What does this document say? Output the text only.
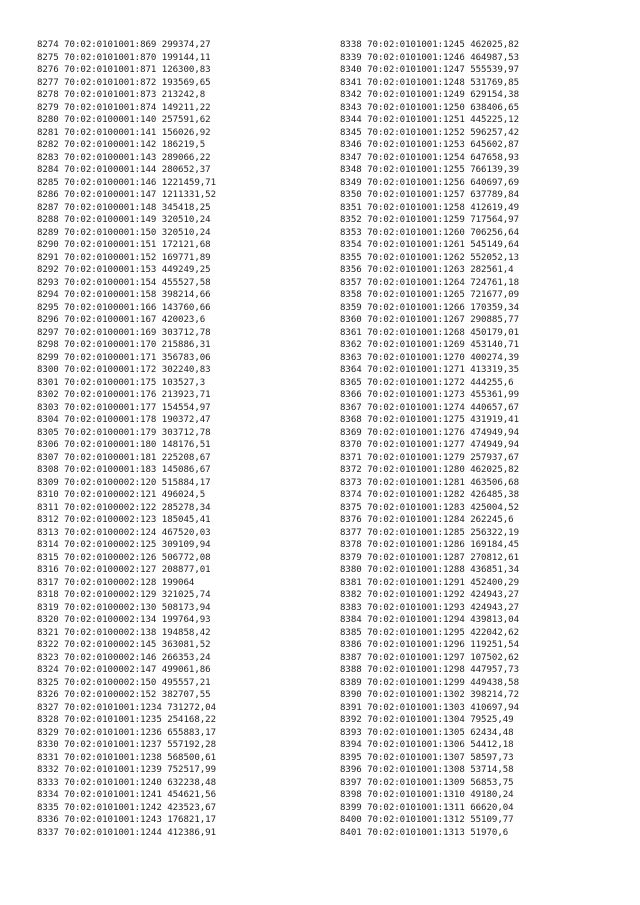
8274 70:02:0101001:869 299374,27
8275 70:02:0101001:870 199144,11
8276 70:02:0101001:871 126300,83
8277 70:02:0101001:872 193569,65
8278 70:02:0101001:873 213242,8
8279 70:02:0101001:874 149211,22
8280 70:02:0100001:140 257591,62
8281 70:02:0100001:141 156026,92
8282 70:02:0100001:142 186219,5
8283 70:02:0100001:143 289066,22
8284 70:02:0100001:144 280652,37
8285 70:02:0100001:146 1221459,71
8286 70:02:0100001:147 1211331,52
8287 70:02:0100001:148 345418,25
8288 70:02:0100001:149 320510,24
8289 70:02:0100001:150 320510,24
8290 70:02:0100001:151 172121,68
8291 70:02:0100001:152 169771,89
8292 70:02:0100001:153 449249,25
8293 70:02:0100001:154 455527,58
8294 70:02:0100001:158 398214,66
8295 70:02:0100001:166 143760,66
8296 70:02:0100001:167 420023,6
8297 70:02:0100001:169 303712,78
8298 70:02:0100001:170 215886,31
8299 70:02:0100001:171 356783,06
8300 70:02:0100001:172 302240,83
8301 70:02:0100001:175 103527,3
8302 70:02:0100001:176 213923,71
8303 70:02:0100001:177 154554,97
8304 70:02:0100001:178 190372,47
8305 70:02:0100001:179 303712,78
8306 70:02:0100001:180 148176,51
8307 70:02:0100001:181 225208,67
8308 70:02:0100001:183 145086,67
8309 70:02:0100002:120 515884,17
8310 70:02:0100002:121 496024,5
8311 70:02:0100002:122 285278,34
8312 70:02:0100002:123 185045,41
8313 70:02:0100002:124 467520,03
8314 70:02:0100002:125 309109,94
8315 70:02:0100002:126 506772,08
8316 70:02:0100002:127 208877,01
8317 70:02:0100002:128 199064
8318 70:02:0100002:129 321025,74
8319 70:02:0100002:130 508173,94
8320 70:02:0100002:134 199764,93
8321 70:02:0100002:138 194858,42
8322 70:02:0100002:145 363081,52
8323 70:02:0100002:146 266353,24
8324 70:02:0100002:147 499061,86
8325 70:02:0100002:150 495557,21
8326 70:02:0100002:152 382707,55
8327 70:02:0101001:1234 731272,04
8328 70:02:0101001:1235 254168,22
8329 70:02:0101001:1236 655883,17
8330 70:02:0101001:1237 557192,28
8331 70:02:0101001:1238 568500,61
8332 70:02:0101001:1239 752517,99
8333 70:02:0101001:1240 632238,48
8334 70:02:0101001:1241 454621,56
8335 70:02:0101001:1242 423523,67
8336 70:02:0101001:1243 176821,17
8337 70:02:0101001:1244 412386,91
8338 70:02:0101001:1245 462025,82
8339 70:02:0101001:1246 464987,53
8340 70:02:0101001:1247 555539,97
8341 70:02:0101001:1248 531769,85
8342 70:02:0101001:1249 629154,38
8343 70:02:0101001:1250 638406,65
8344 70:02:0101001:1251 445225,12
8345 70:02:0101001:1252 596257,42
8346 70:02:0101001:1253 645602,87
8347 70:02:0101001:1254 647658,93
8348 70:02:0101001:1255 766139,39
8349 70:02:0101001:1256 640697,69
8350 70:02:0101001:1257 637789,84
8351 70:02:0101001:1258 412619,49
8352 70:02:0101001:1259 717564,97
8353 70:02:0101001:1260 706256,64
8354 70:02:0101001:1261 545149,64
8355 70:02:0101001:1262 552052,13
8356 70:02:0101001:1263 282561,4
8357 70:02:0101001:1264 724761,18
8358 70:02:0101001:1265 721677,09
8359 70:02:0101001:1266 170359,34
8360 70:02:0101001:1267 290885,77
8361 70:02:0101001:1268 450179,01
8362 70:02:0101001:1269 453140,71
8363 70:02:0101001:1270 400274,39
8364 70:02:0101001:1271 413319,35
8365 70:02:0101001:1272 444255,6
8366 70:02:0101001:1273 455361,99
8367 70:02:0101001:1274 440657,67
8368 70:02:0101001:1275 431919,41
8369 70:02:0101001:1276 474949,94
8370 70:02:0101001:1277 474949,94
8371 70:02:0101001:1279 257937,67
8372 70:02:0101001:1280 462025,82
8373 70:02:0101001:1281 463506,68
8374 70:02:0101001:1282 426485,38
8375 70:02:0101001:1283 425004,52
8376 70:02:0101001:1284 262245,6
8377 70:02:0101001:1285 256322,19
8378 70:02:0101001:1286 169184,45
8379 70:02:0101001:1287 270812,61
8380 70:02:0101001:1288 436851,34
8381 70:02:0101001:1291 452400,29
8382 70:02:0101001:1292 424943,27
8383 70:02:0101001:1293 424943,27
8384 70:02:0101001:1294 439813,04
8385 70:02:0101001:1295 422042,62
8386 70:02:0101001:1296 119251,54
8387 70:02:0101001:1297 107502,62
8388 70:02:0101001:1298 447957,73
8389 70:02:0101001:1299 449438,58
8390 70:02:0101001:1302 398214,72
8391 70:02:0101001:1303 410697,94
8392 70:02:0101001:1304 79525,49
8393 70:02:0101001:1305 62434,48
8394 70:02:0101001:1306 54412,18
8395 70:02:0101001:1307 58597,73
8396 70:02:0101001:1308 53714,58
8397 70:02:0101001:1309 56853,75
8398 70:02:0101001:1310 49180,24
8399 70:02:0101001:1311 66620,04
8400 70:02:0101001:1312 55109,77
8401 70:02:0101001:1313 51970,6
